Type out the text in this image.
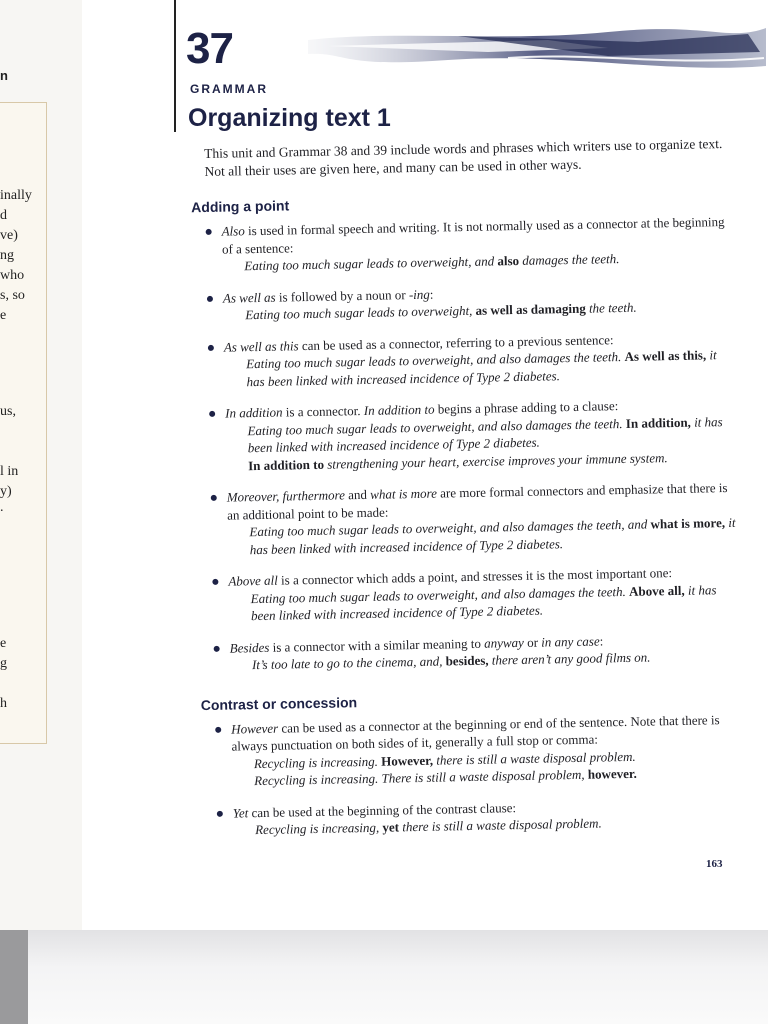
n
inally
d
ve)
ng
who
s, so
e
us,
l in
y)
.
e
g
h
37
GRAMMAR
Organizing text 1

This unit and Grammar 38 and 39 include words and phrases which writers use to organize text. Not all their uses are given here, and many can be used in other ways.

Adding a point
Also is used in formal speech and writing. It is not normally used as a connector at the beginning of a sentence:
Eating too much sugar leads to overweight, and also damages the teeth.
As well as is followed by a noun or -ing:
Eating too much sugar leads to overweight, as well as damaging the teeth.
As well as this can be used as a connector, referring to a previous sentence:
Eating too much sugar leads to overweight, and also damages the teeth. As well as this, it has been linked with increased incidence of Type 2 diabetes.
In addition is a connector. In addition to begins a phrase adding to a clause:
Eating too much sugar leads to overweight, and also damages the teeth. In addition, it has been linked with increased incidence of Type 2 diabetes.
In addition to strengthening your heart, exercise improves your immune system.
Moreover, furthermore and what is more are more formal connectors and emphasize that there is an additional point to be made:
Eating too much sugar leads to overweight, and also damages the teeth, and what is more, it has been linked with increased incidence of Type 2 diabetes.
Above all is a connector which adds a point, and stresses it is the most important one:
Eating too much sugar leads to overweight, and also damages the teeth. Above all, it has been linked with increased incidence of Type 2 diabetes.
Besides is a connector with a similar meaning to anyway or in any case:
It’s too late to go to the cinema, and, besides, there aren’t any good films on.
Contrast or concession
However can be used as a connector at the beginning or end of the sentence. Note that there is always punctuation on both sides of it, generally a full stop or comma:
Recycling is increasing. However, there is still a waste disposal problem.
Recycling is increasing. There is still a waste disposal problem, however.
Yet can be used at the beginning of the contrast clause:
Recycling is increasing, yet there is still a waste disposal problem.
163
